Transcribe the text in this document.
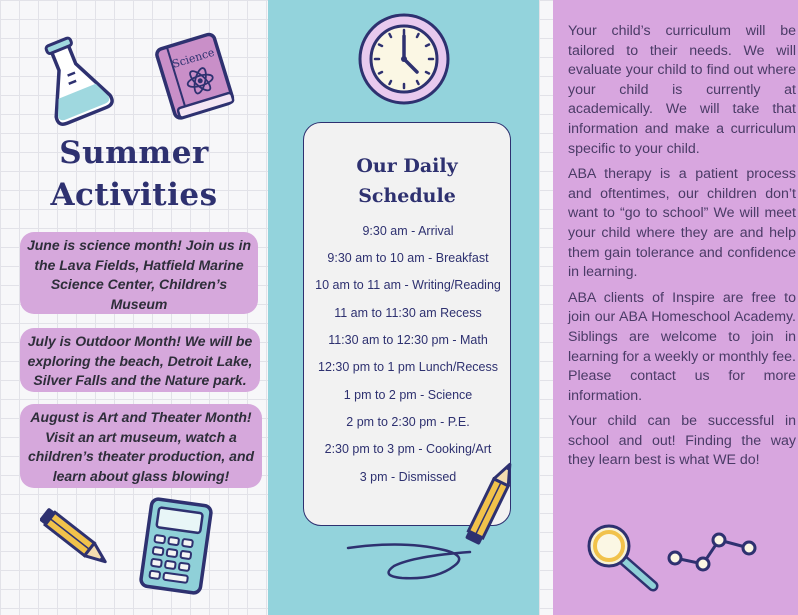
Science
Summer
Activities
June is science month! Join us in the Lava Fields, Hatfield Marine Science Center, Children’s Museum
July is Outdoor Month! We will be exploring the beach, Detroit Lake, Silver Falls and the Nature park.
August is Art and Theater Month! Visit an art museum, watch a children’s theater production, and learn about glass blowing!
Our Daily
Schedule
9:30 am - Arrival
9:30 am to 10 am - Breakfast
10 am to 11 am - Writing/Reading
11 am to 11:30 am Recess
11:30 am to 12:30 pm - Math
12:30 pm to 1 pm Lunch/Recess
1 pm to 2 pm - Science
2 pm to 2:30 pm - P.E.
2:30 pm to 3 pm - Cooking/Art
3 pm - Dismissed

Your child’s curriculum will be tailored to their needs. We will evaluate your child to find out where your child is currently at academically. We will take that information and make a curriculum specific to your child.

ABA therapy is a patient process and oftentimes, our children don’t want to “go to school” We will meet your child where they are and help them gain tolerance and confidence in learning.

ABA clients of Inspire are free to join our ABA Homeschool Academy. Siblings are welcome to join in learning for a weekly or monthly fee. Please contact us for more information.

Your child can be successful in school and out! Finding the way they learn best is what WE do!
